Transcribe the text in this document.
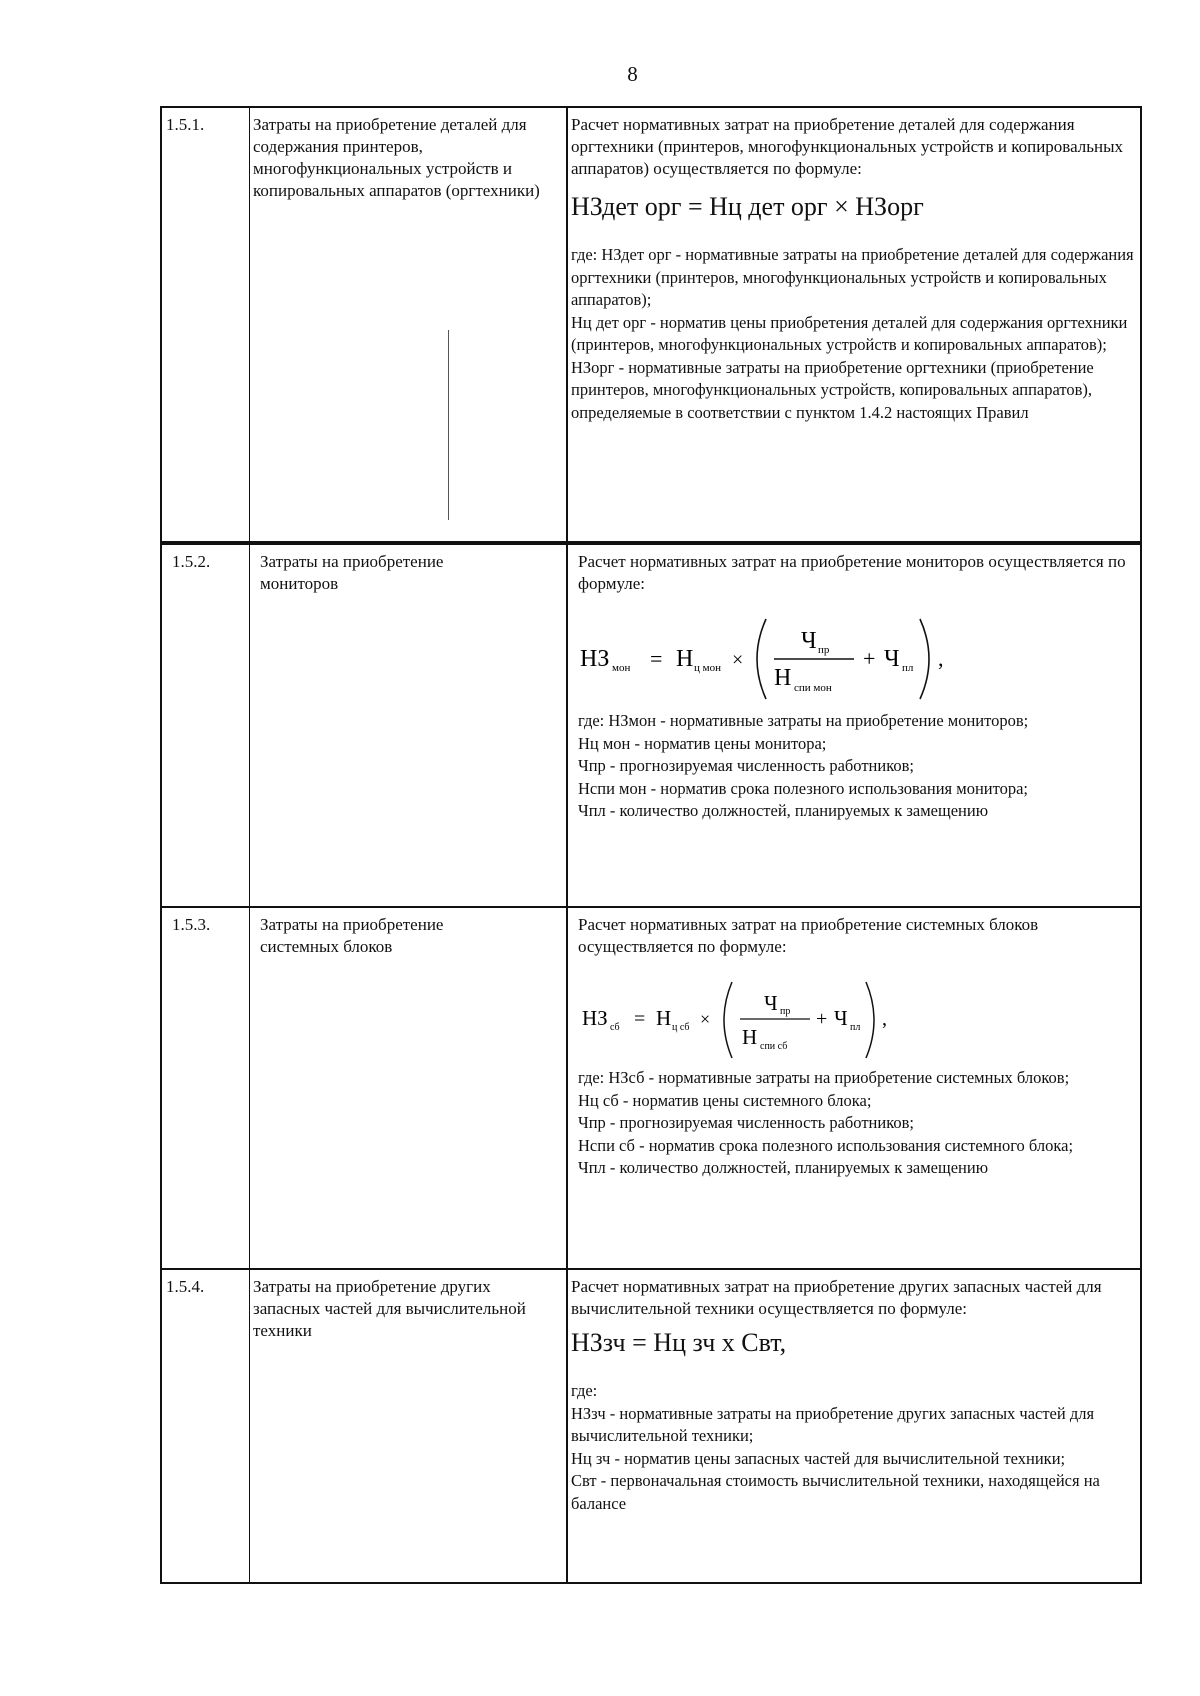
8
1.5.1.	Затраты на приобретение деталей для содержания принтеров, многофункциональных устройств и копировальных аппаратов (оргтехники)
Расчет нормативных затрат на приобретение деталей для содержания оргтехники (принтеров, многофункциональных устройств и копировальных аппаратов) осуществляется по формуле:
НЗдет орг = Нц дет орг × НЗорг
где: НЗдет орг - нормативные затраты на приобретение деталей для содержания оргтехники (принтеров, многофункциональных устройств и копировальных аппаратов);
Нц дет орг - норматив цены приобретения деталей для содержания оргтехники (принтеров, многофункциональных устройств и копировальных аппаратов);
НЗорг - нормативные затраты на приобретение оргтехники (приобретение принтеров, многофункциональных устройств, копировальных аппаратов), определяемые в соответствии с пунктом 1.4.2 настоящих Правил
1.5.2.	Затраты на приобретение мониторов
Расчет нормативных затрат на приобретение мониторов осуществляется по формуле:
НЗ мон = Н ц мон ×
Ч пр
Н спи мон
+ Ч пл ,
где: НЗмон - нормативные затраты на приобретение мониторов;
Нц мон - норматив цены монитора;
Чпр - прогнозируемая численность работников;
Нспи мон - норматив срока полезного использования монитора;
Чпл - количество должностей, планируемых к замещению
1.5.3.	Затраты на приобретение системных блоков
Расчет нормативных затрат на приобретение системных блоков осуществляется по формуле:
НЗ сб = Н ц сб ×
Ч пр
Н спи сб
+ Ч пл ,
где: НЗсб - нормативные затраты на приобретение системных блоков;
Нц сб - норматив цены системного блока;
Чпр - прогнозируемая численность работников;
Нспи сб - норматив срока полезного использования системного блока;
Чпл - количество должностей, планируемых к замещению
1.5.4.	Затраты на приобретение других запасных частей для вычислительной техники
Расчет нормативных затрат на приобретение других запасных частей для вычислительной техники осуществляется по формуле:
НЗзч = Нц зч х Свт,
где:
НЗзч - нормативные затраты на приобретение других запасных частей для вычислительной техники;
Нц зч - норматив цены запасных частей для вычислительной техники;
Свт - первоначальная стоимость вычислительной техники, находящейся на балансе
